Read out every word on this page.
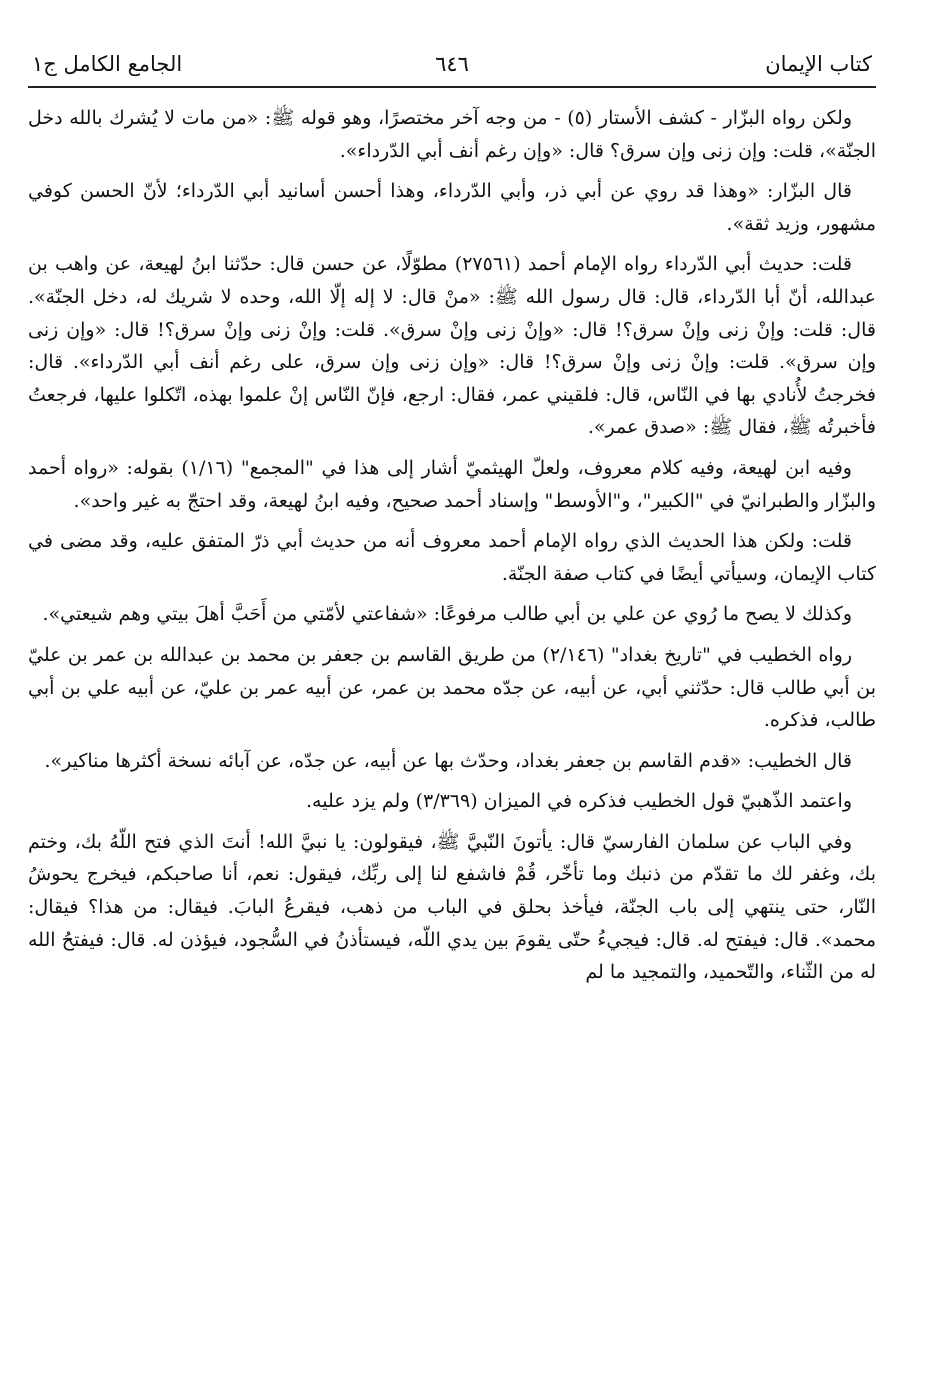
كتاب الإيمان
٦٤٦
الجامع الكامل ج١

ولكن رواه البزّار - كشف الأستار (٥) - من وجه آخر مختصرًا، وهو قوله ﷺ: «من مات لا يُشرك بالله دخل الجنّة»، قلت: وإن زنى وإن سرق؟ قال: «وإن رغم أنف أبي الدّرداء».

قال البزّار: «وهذا قد روي عن أبي ذر، وأبي الدّرداء، وهذا أحسن أسانيد أبي الدّرداء؛ لأنّ الحسن كوفي مشهور، وزيد ثقة».

قلت: حديث أبي الدّرداء رواه الإمام أحمد (٢٧٥٦١) مطوّلًا، عن حسن قال: حدّثنا ابنُ لهيعة، عن واهب بن عبدالله، أنّ أبا الدّرداء، قال: قال رسول الله ﷺ: «منْ قال: لا إله إلّا الله، وحده لا شريك له، دخل الجنّة». قال: قلت: وإنْ زنى وإنْ سرق؟! قال: «وإنْ زنى وإنْ سرق». قلت: وإنْ زنى وإنْ سرق؟! قال: «وإن زنى وإن سرق». قلت: وإنْ زنى وإنْ سرق؟! قال: «وإن زنى وإن سرق، على رغم أنف أبي الدّرداء». قال: فخرجتُ لأُنادي بها في النّاس، قال: فلقيني عمر، فقال: ارجع، فإنّ النّاس إنْ علموا بهذه، اتّكلوا عليها، فرجعتُ فأخبرتُه ﷺ، فقال ﷺ: «صدق عمر».

وفيه ابن لهيعة، وفيه كلام معروف، ولعلّ الهيثميّ أشار إلى هذا في "المجمع" (١/١٦) بقوله: «رواه أحمد والبزّار والطبرانيّ في "الكبير"، و"الأوسط" وإسناد أحمد صحيح، وفيه ابنُ لهيعة، وقد احتجّ به غير واحد».

قلت: ولكن هذا الحديث الذي رواه الإمام أحمد معروف أنه من حديث أبي ذرّ المتفق عليه، وقد مضى في كتاب الإيمان، وسيأتي أيضًا في كتاب صفة الجنّة.

وكذلك لا يصح ما رُوي عن علي بن أبي طالب مرفوعًا: «شفاعتي لأمّتي من أَحَبَّ أهلَ بيتي وهم شيعتي».

رواه الخطيب في "تاريخ بغداد" (٢/١٤٦) من طريق القاسم بن جعفر بن محمد بن عبدالله بن عمر بن عليّ بن أبي طالب قال: حدّثني أبي، عن أبيه، عن جدّه محمد بن عمر، عن أبيه عمر بن عليّ، عن أبيه علي بن أبي طالب، فذكره.

قال الخطيب: «قدم القاسم بن جعفر بغداد، وحدّث بها عن أبيه، عن جدّه، عن آبائه نسخة أكثرها مناكير».

واعتمد الذّهبيّ قول الخطيب فذكره في الميزان (٣/٣٦٩) ولم يزد عليه.

وفي الباب عن سلمان الفارسيّ قال: يأتونَ النّبيَّ ﷺ، فيقولون: يا نبيَّ الله! أنتَ الذي فتح اللّهُ بك، وختم بك، وغفر لك ما تقدّم من ذنبك وما تأخّر، قُمْ فاشفع لنا إلى ربِّك، فيقول: نعم، أنا صاحبكم، فيخرج يحوشُ النّار، حتى ينتهي إلى باب الجنّة، فيأخذ بحلق في الباب من ذهب، فيقرعُ البابَ. فيقال: من هذا؟ فيقال: محمد». قال: فيفتح له. قال: فيجيءُ حتّى يقومَ بين يدي اللّه، فيستأذنُ في السُّجود، فيؤذن له. قال: فيفتحُ الله له من الثّناء، والتّحميد، والتمجيد ما لم
